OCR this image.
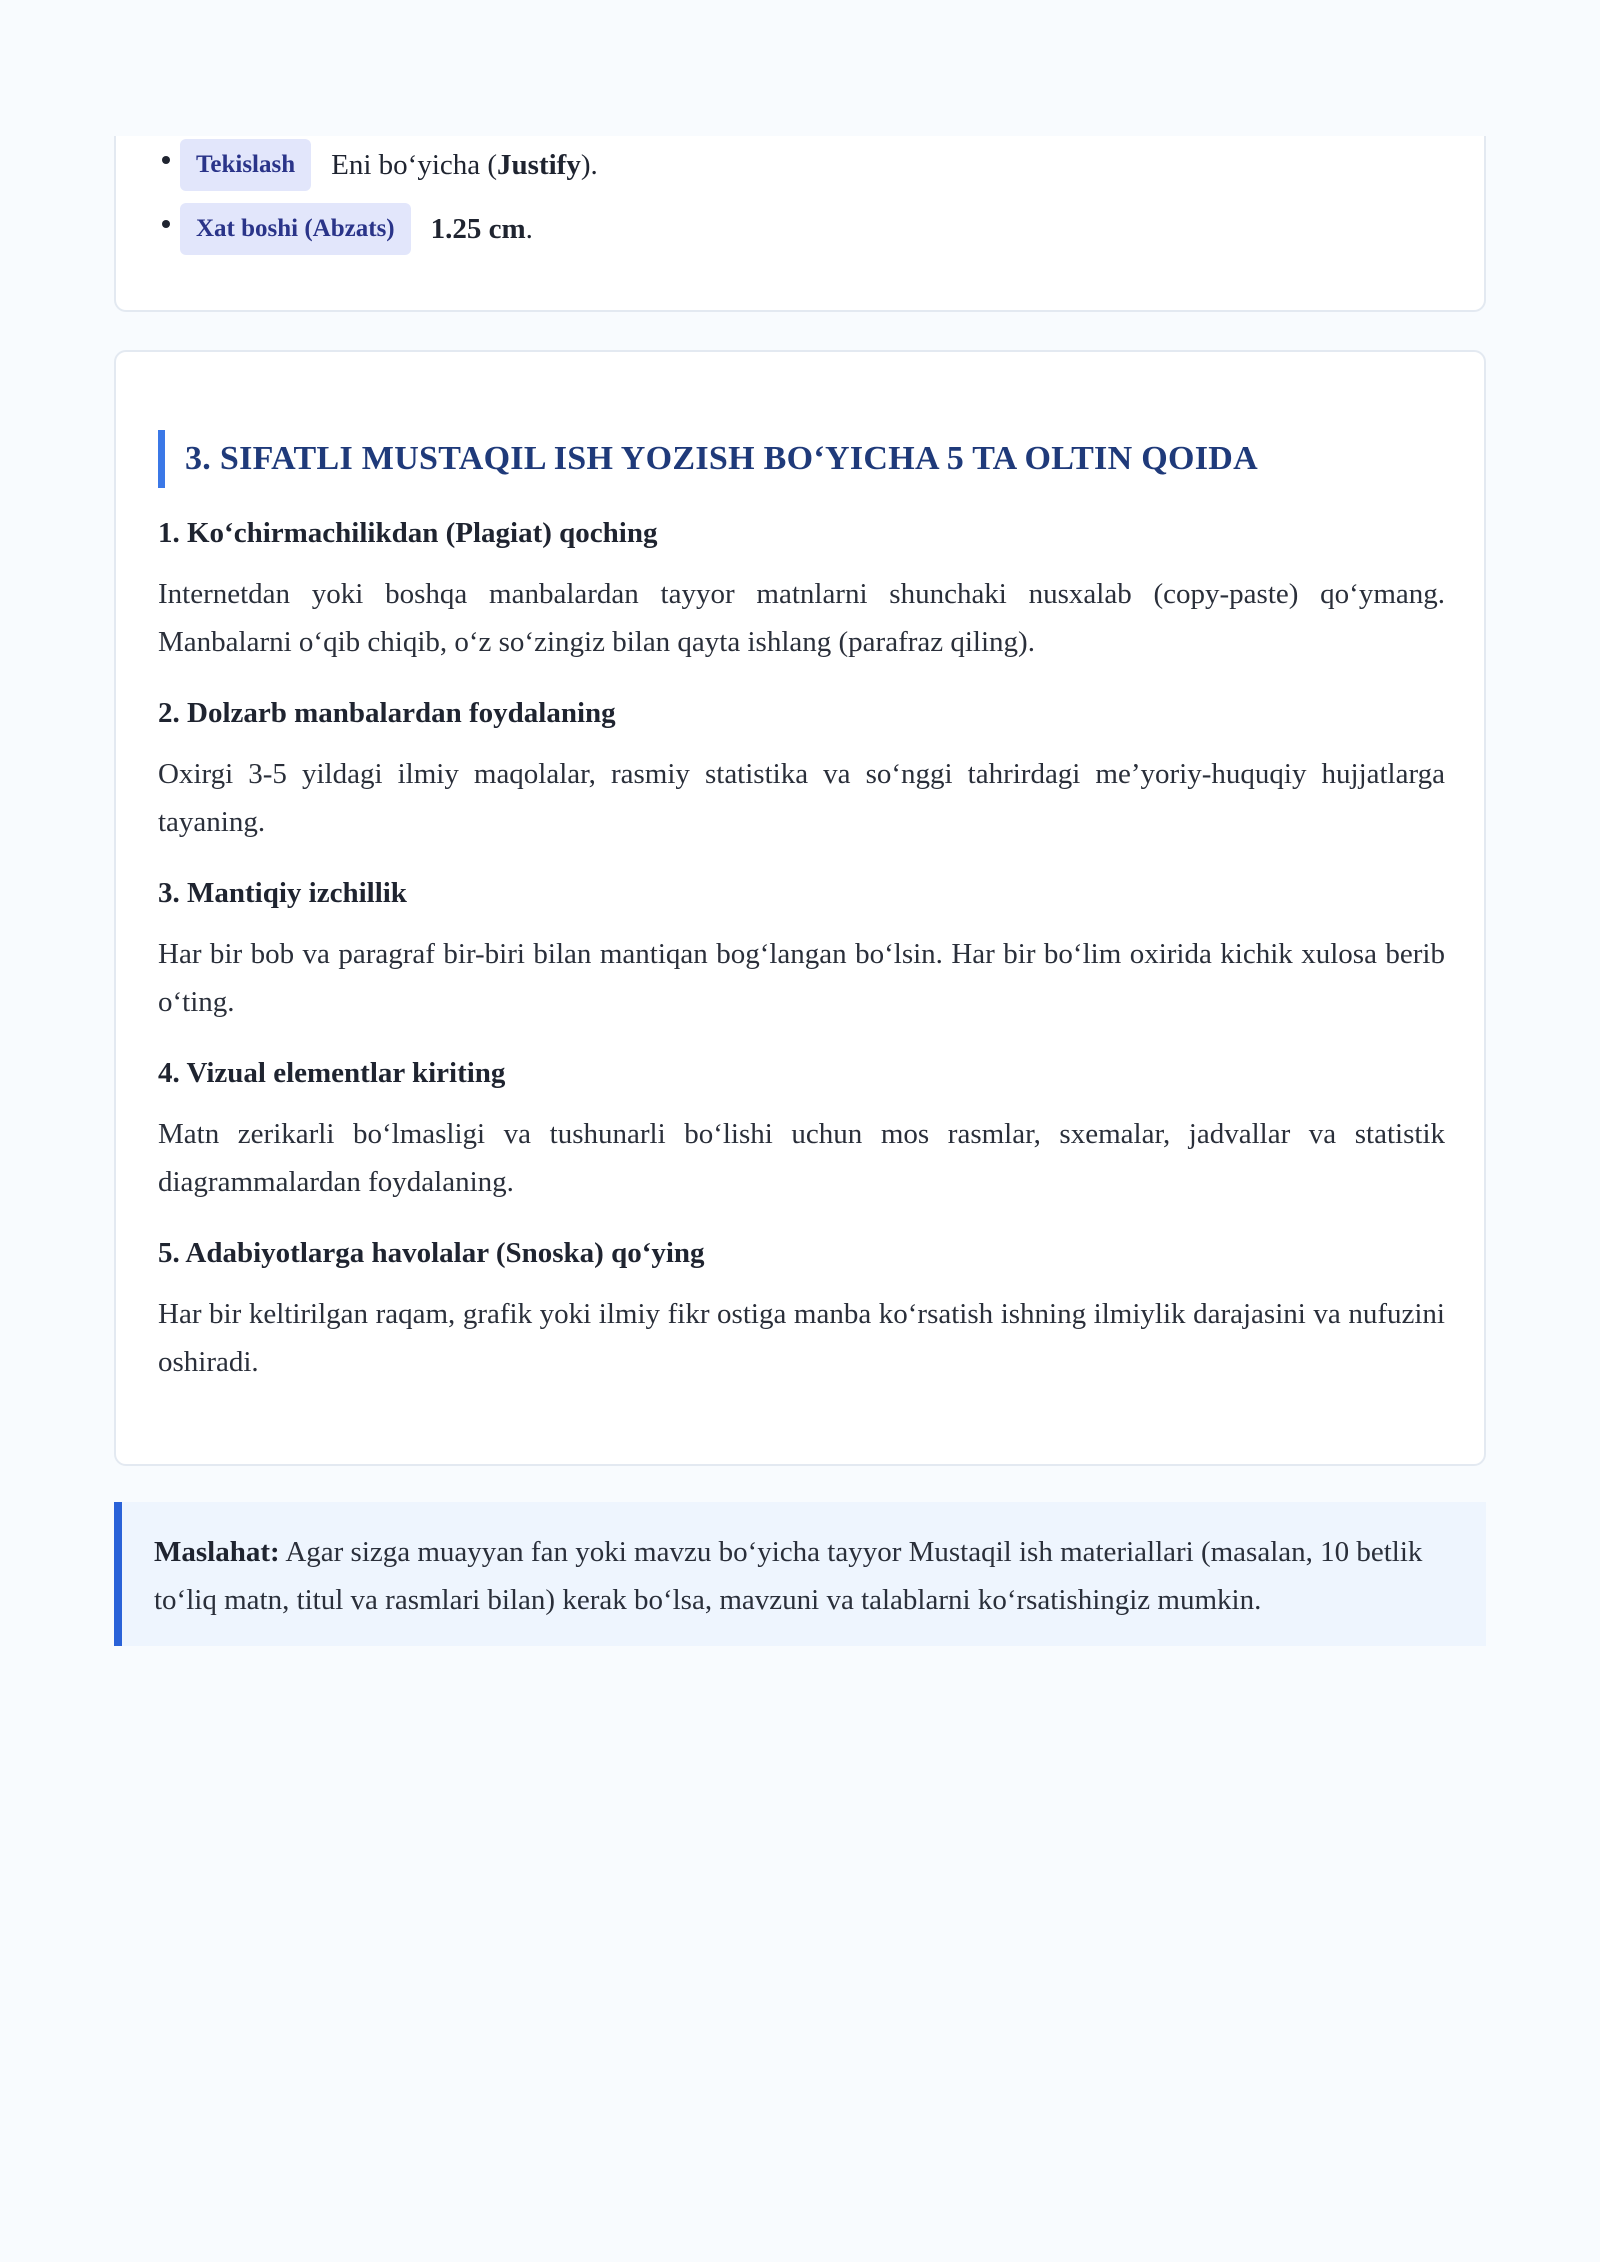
Tekislash	Eni bo‘yicha (Justify).
Xat boshi (Abzats)	1.25 cm.
3. SIFATLI MUSTAQIL ISH YOZISH BO‘YICHA 5 TA OLTIN QOIDA
1. Ko‘chirmachilikdan (Plagiat) qoching
Internetdan yoki boshqa manbalardan tayyor matnlarni shunchaki nusxalab (copy-paste) qo‘ymang. Manbalarni o‘qib chiqib, o‘z so‘zingiz bilan qayta ishlang (parafraz qiling).
2. Dolzarb manbalardan foydalaning
Oxirgi 3-5 yildagi ilmiy maqolalar, rasmiy statistika va so‘nggi tahrirdagi me’yoriy-huquqiy hujjatlarga tayaning.
3. Mantiqiy izchillik
Har bir bob va paragraf bir-biri bilan mantiqan bog‘langan bo‘lsin. Har bir bo‘lim oxirida kichik xulosa berib o‘ting.
4. Vizual elementlar kiriting
Matn zerikarli bo‘lmasligi va tushunarli bo‘lishi uchun mos rasmlar, sxemalar, jadvallar va statistik diagrammalardan foydalaning.
5. Adabiyotlarga havolalar (Snoska) qo‘ying
Har bir keltirilgan raqam, grafik yoki ilmiy fikr ostiga manba ko‘rsatish ishning ilmiylik darajasini va nufuzini oshiradi.
Maslahat: Agar sizga muayyan fan yoki mavzu bo‘yicha tayyor Mustaqil ish materiallari (masalan, 10 betlik to‘liq matn, titul va rasmlari bilan) kerak bo‘lsa, mavzuni va talablarni ko‘rsatishingiz mumkin.
